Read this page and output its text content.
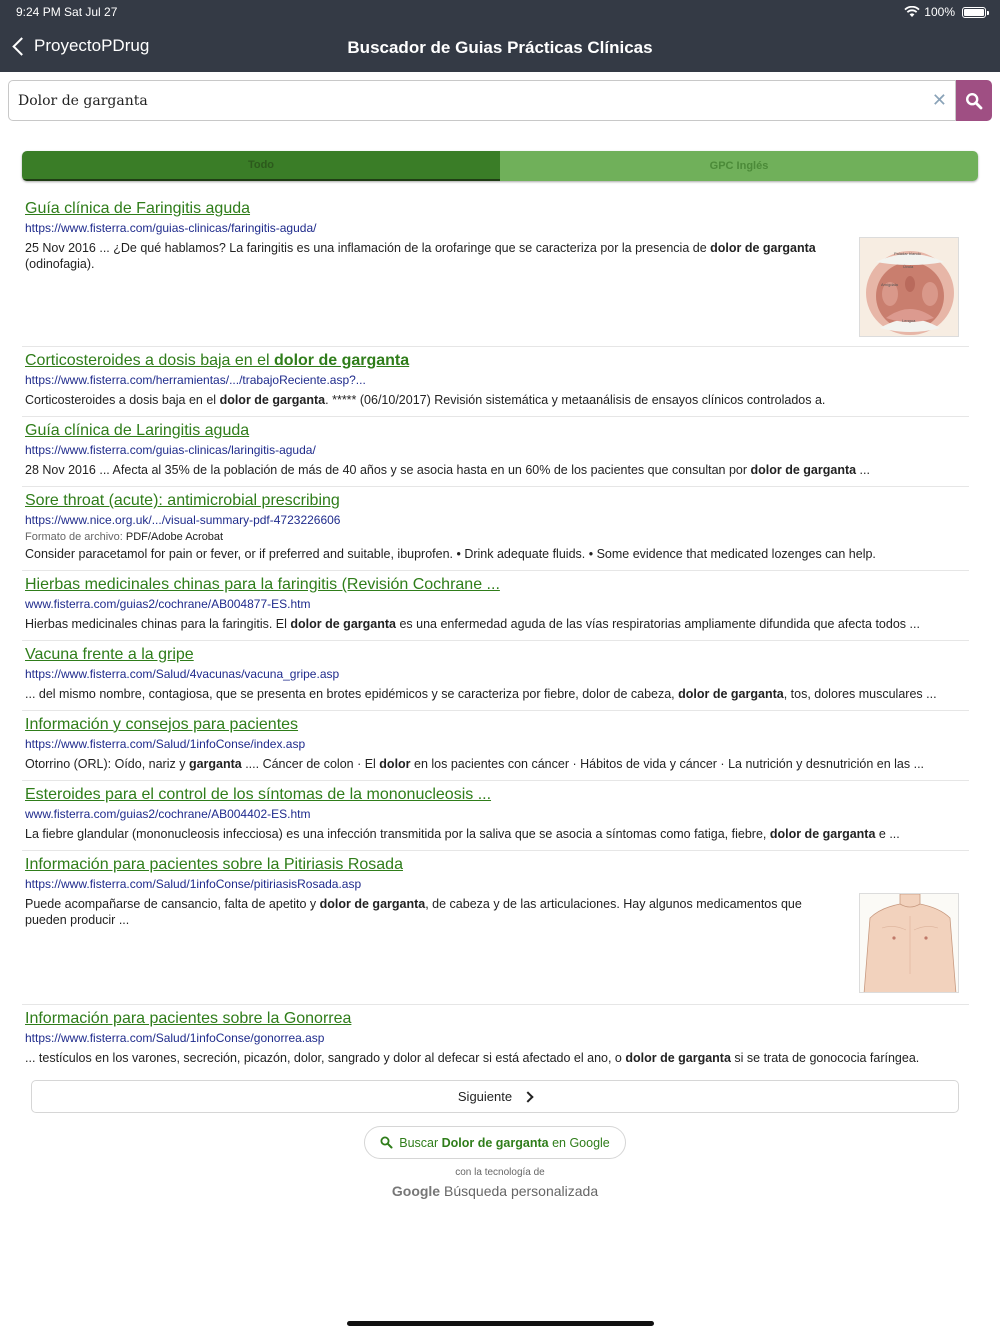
9:24 PM Sat Jul 27	100%
ProyectoPDrug	Buscador de Guias Prácticas Clínicas
Dolor de garganta
✕
Todo	GPC Inglés
Guía clínica de Faringitis aguda
https://www.fisterra.com/guias-clinicas/faringitis-aguda/
25 Nov 2016 ... ¿De qué hablamos? La faringitis es una inflamación de la orofaringe que se caracteriza por la presencia de dolor de garganta (odinofagia).
Paladar blando
Úvula
Amígdala
Lengua
Corticosteroides a dosis baja en el dolor de garganta
https://www.fisterra.com/herramientas/.../trabajoReciente.asp?...
Corticosteroides a dosis baja en el dolor de garganta. ***** (06/10/2017) Revisión sistemática y metaanálisis de ensayos clínicos controlados a.
Guía clínica de Laringitis aguda
https://www.fisterra.com/guias-clinicas/laringitis-aguda/
28 Nov 2016 ... Afecta al 35% de la población de más de 40 años y se asocia hasta en un 60% de los pacientes que consultan por dolor de garganta ...
Sore throat (acute): antimicrobial prescribing
https://www.nice.org.uk/.../visual-summary-pdf-4723226606
Formato de archivo: PDF/Adobe Acrobat
Consider paracetamol for pain or fever, or if preferred and suitable, ibuprofen. • Drink adequate fluids. • Some evidence that medicated lozenges can help.
Hierbas medicinales chinas para la faringitis (Revisión Cochrane ...
www.fisterra.com/guias2/cochrane/AB004877-ES.htm
Hierbas medicinales chinas para la faringitis. El dolor de garganta es una enfermedad aguda de las vías respiratorias ampliamente difundida que afecta todos ...
Vacuna frente a la gripe
https://www.fisterra.com/Salud/4vacunas/vacuna_gripe.asp
... del mismo nombre, contagiosa, que se presenta en brotes epidémicos y se caracteriza por fiebre, dolor de cabeza, dolor de garganta, tos, dolores musculares ...
Información y consejos para pacientes
https://www.fisterra.com/Salud/1infoConse/index.asp
Otorrino (ORL): Oído, nariz y garganta .... Cáncer de colon · El dolor en los pacientes con cáncer · Hábitos de vida y cáncer · La nutrición y desnutrición en las ...
Esteroides para el control de los síntomas de la mononucleosis ...
www.fisterra.com/guias2/cochrane/AB004402-ES.htm
La fiebre glandular (mononucleosis infecciosa) es una infección transmitida por la saliva que se asocia a síntomas como fatiga, fiebre, dolor de garganta e ...
Información para pacientes sobre la Pitiriasis Rosada
https://www.fisterra.com/Salud/1infoConse/pitiriasisRosada.asp
Puede acompañarse de cansancio, falta de apetito y dolor de garganta, de cabeza y de las articulaciones. Hay algunos medicamentos que pueden producir ...
Información para pacientes sobre la Gonorrea
https://www.fisterra.com/Salud/1infoConse/gonorrea.asp
... testículos en los varones, secreción, picazón, dolor, sangrado y dolor al defecar si está afectado el ano, o dolor de garganta si se trata de gonococia faríngea.
Siguiente
Buscar Dolor de garganta en Google
con la tecnología de
Google Búsqueda personalizada
